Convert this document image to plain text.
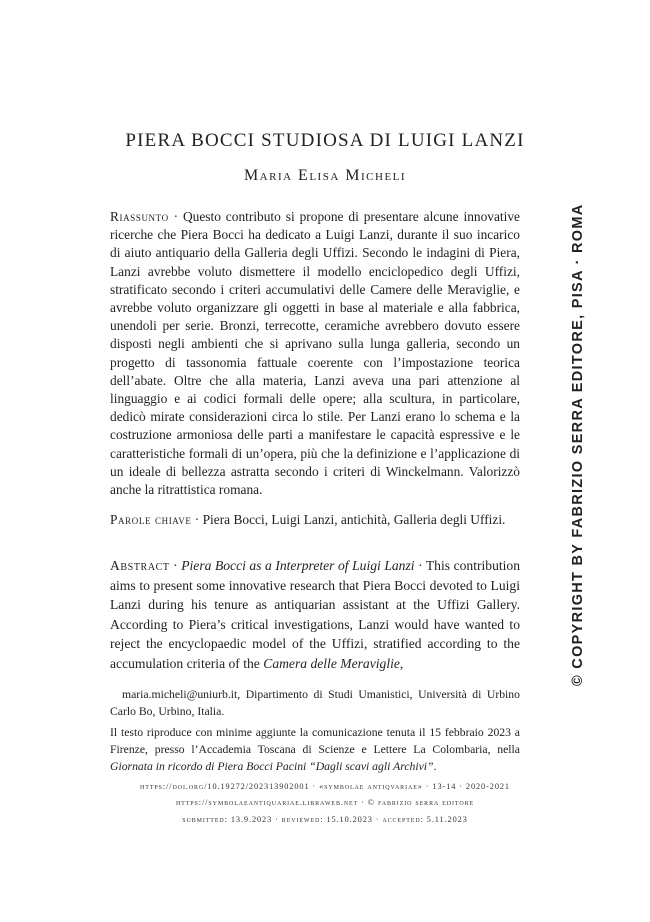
PIERA BOCCI STUDIOSA DI LUIGI LANZI
Maria Elisa Micheli
Riassunto · Questo contributo si propone di presentare alcune innovative ricerche che Piera Bocci ha dedicato a Luigi Lanzi, durante il suo incarico di aiuto antiquario della Galleria degli Uffizi. Secondo le indagini di Piera, Lanzi avrebbe voluto dismettere il modello enciclopedico degli Uffizi, stratificato secondo i criteri accumulativi delle Camere delle Meraviglie, e avrebbe voluto organizzare gli oggetti in base al materiale e alla fabbrica, unendoli per serie. Bronzi, terrecotte, ceramiche avrebbero dovuto essere disposti negli ambienti che si aprivano sulla lunga galleria, secondo un progetto di tassonomia fattuale coerente con l’impostazione teorica dell’abate. Oltre che alla materia, Lanzi aveva una pari attenzione al linguaggio e ai codici formali delle opere; alla scultura, in particolare, dedicò mirate considerazioni circa lo stile. Per Lanzi erano lo schema e la costruzione armoniosa delle parti a manifestare le capacità espressive e le caratteristiche formali di un’opera, più che la definizione e l’applicazione di un ideale di bellezza astratta secondo i criteri di Winckelmann. Valorizzò anche la ritrattistica romana.
Parole chiave · Piera Bocci, Luigi Lanzi, antichità, Galleria degli Uffizi.
Abstract · Piera Bocci as a Interpreter of Luigi Lanzi · This contribution aims to present some innovative research that Piera Bocci devoted to Luigi Lanzi during his tenure as antiquarian assistant at the Uffizi Gallery. According to Piera’s critical investigations, Lanzi would have wanted to reject the encyclopaedic model of the Uffizi, stratified according to the accumulation criteria of the Camera delle Meraviglie,

maria.micheli@uniurb.it, Dipartimento di Studi Umanistici, Università di Urbino Carlo Bo, Urbino, Italia.

Il testo riproduce con minime aggiunte la comunicazione tenuta il 15 febbraio 2023 a Firenze, presso l’Accademia Toscana di Scienze e Lettere La Colombaria, nella Giornata in ricordo di Piera Bocci Pacini “Dagli scavi agli Archivi”.

https://doi.org/10.19272/202313902001 · «symbolae antiqvariae» · 13-14 · 2020-2021
https://symbolaeantiquariae.libraweb.net · © fabrizio serra editore
submitted: 13.9.2023 · reviewed: 15.10.2023 · accepted: 5.11.2023
© COPYRIGHT BY FABRIZIO SERRA EDITORE, PISA · ROMA
